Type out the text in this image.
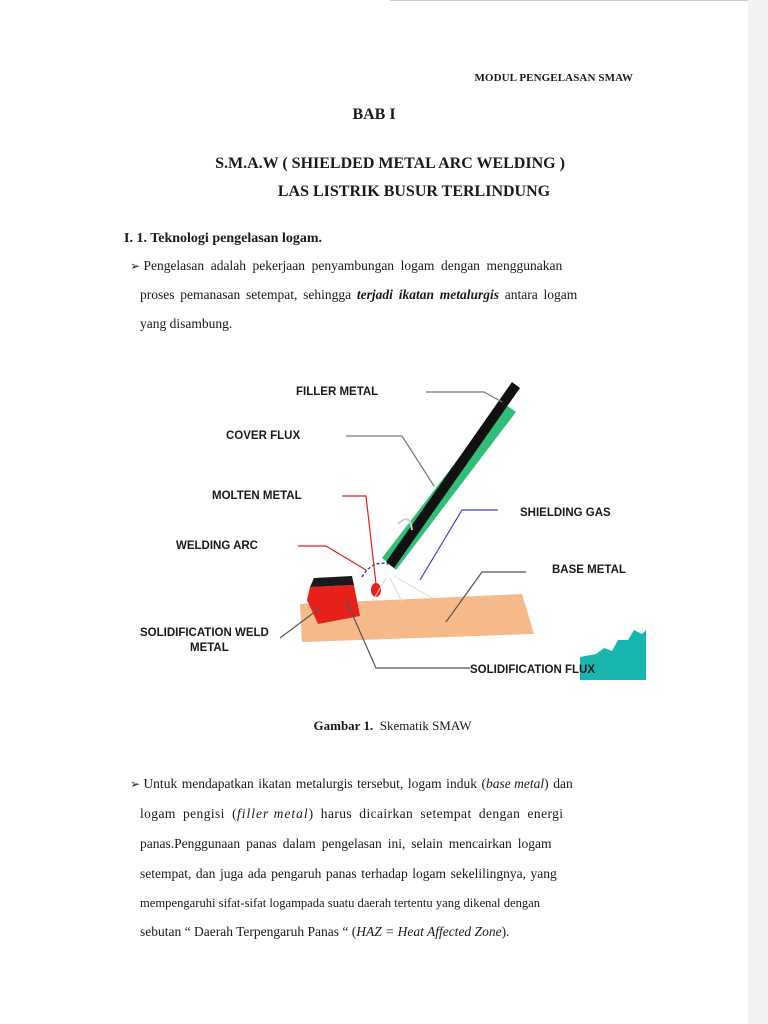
MODUL PENGELASAN SMAW
BAB I
S.M.A.W ( SHIELDED METAL ARC WELDING )
LAS LISTRIK BUSUR TERLINDUNG
I. 1. Teknologi pengelasan logam.
➢ Pengelasan adalah pekerjaan penyambungan logam dengan menggunakan
proses pemanasan setempat, sehingga terjadi ikatan metalurgis antara logam
yang disambung.
FILLER METAL
COVER FLUX
MOLTEN METAL
SHIELDING GAS
WELDING ARC
BASE METAL
SOLIDIFICATION WELD
METAL
SOLIDIFICATION FLUX
Gambar 1. Skematik SMAW
➢ Untuk mendapatkan ikatan metalurgis tersebut, logam induk (base metal) dan
logam pengisi (filler metal) harus dicairkan setempat dengan energi
panas.Penggunaan panas dalam pengelasan ini, selain mencairkan logam
setempat, dan juga ada pengaruh panas terhadap logam sekelilingnya, yang
mempengaruhi sifat-sifat logampada suatu daerah tertentu yang dikenal dengan
sebutan “ Daerah Terpengaruh Panas “ (HAZ = Heat Affected Zone).
